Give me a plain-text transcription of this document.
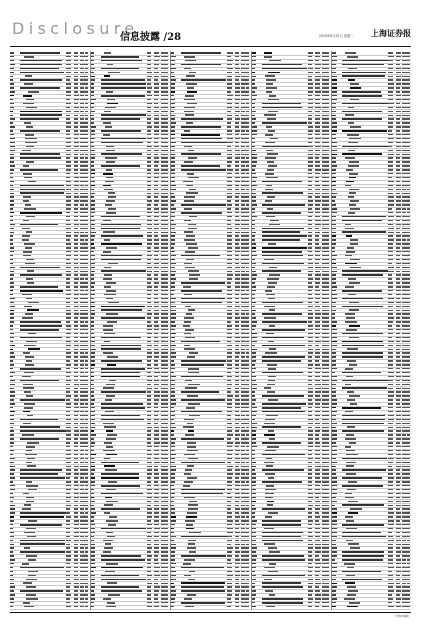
Disclosure
信息披露 /28	2010年8月31日 星期二 上海证券报
（下转29版）
